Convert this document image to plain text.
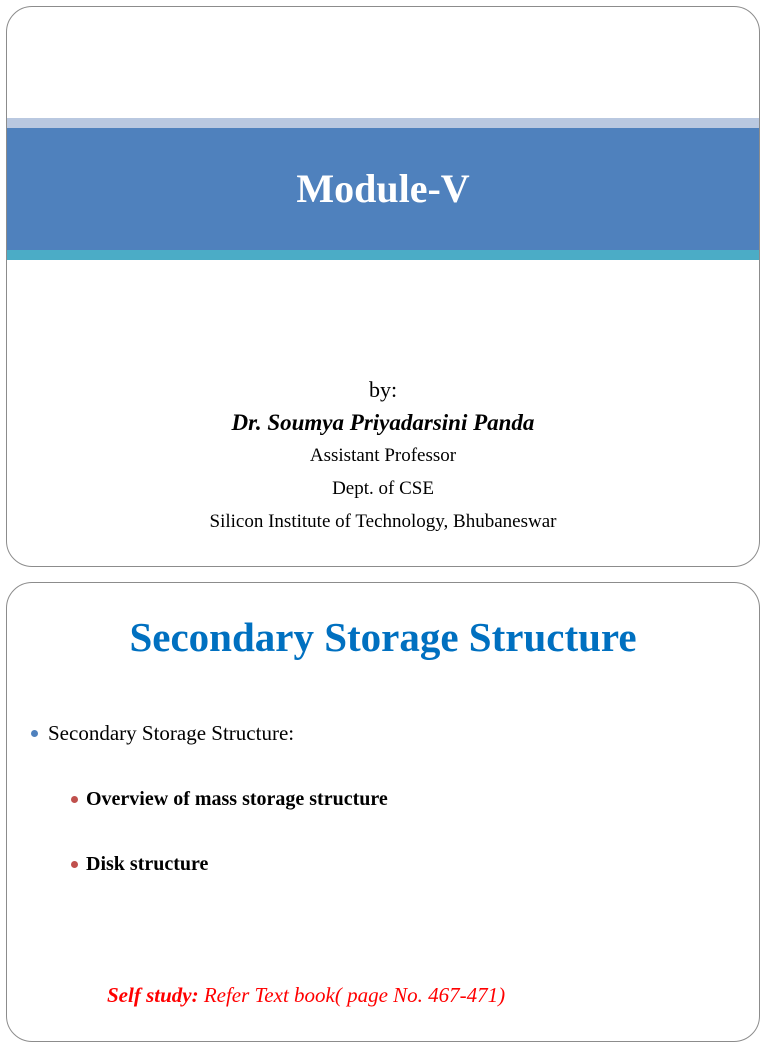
Module-V
by:
Dr. Soumya Priyadarsini Panda
Assistant Professor
Dept. of CSE
Silicon Institute of Technology, Bhubaneswar
Secondary Storage Structure
Secondary Storage Structure:
Overview of mass storage structure
Disk structure
Self study: Refer Text book( page No. 467-471)
